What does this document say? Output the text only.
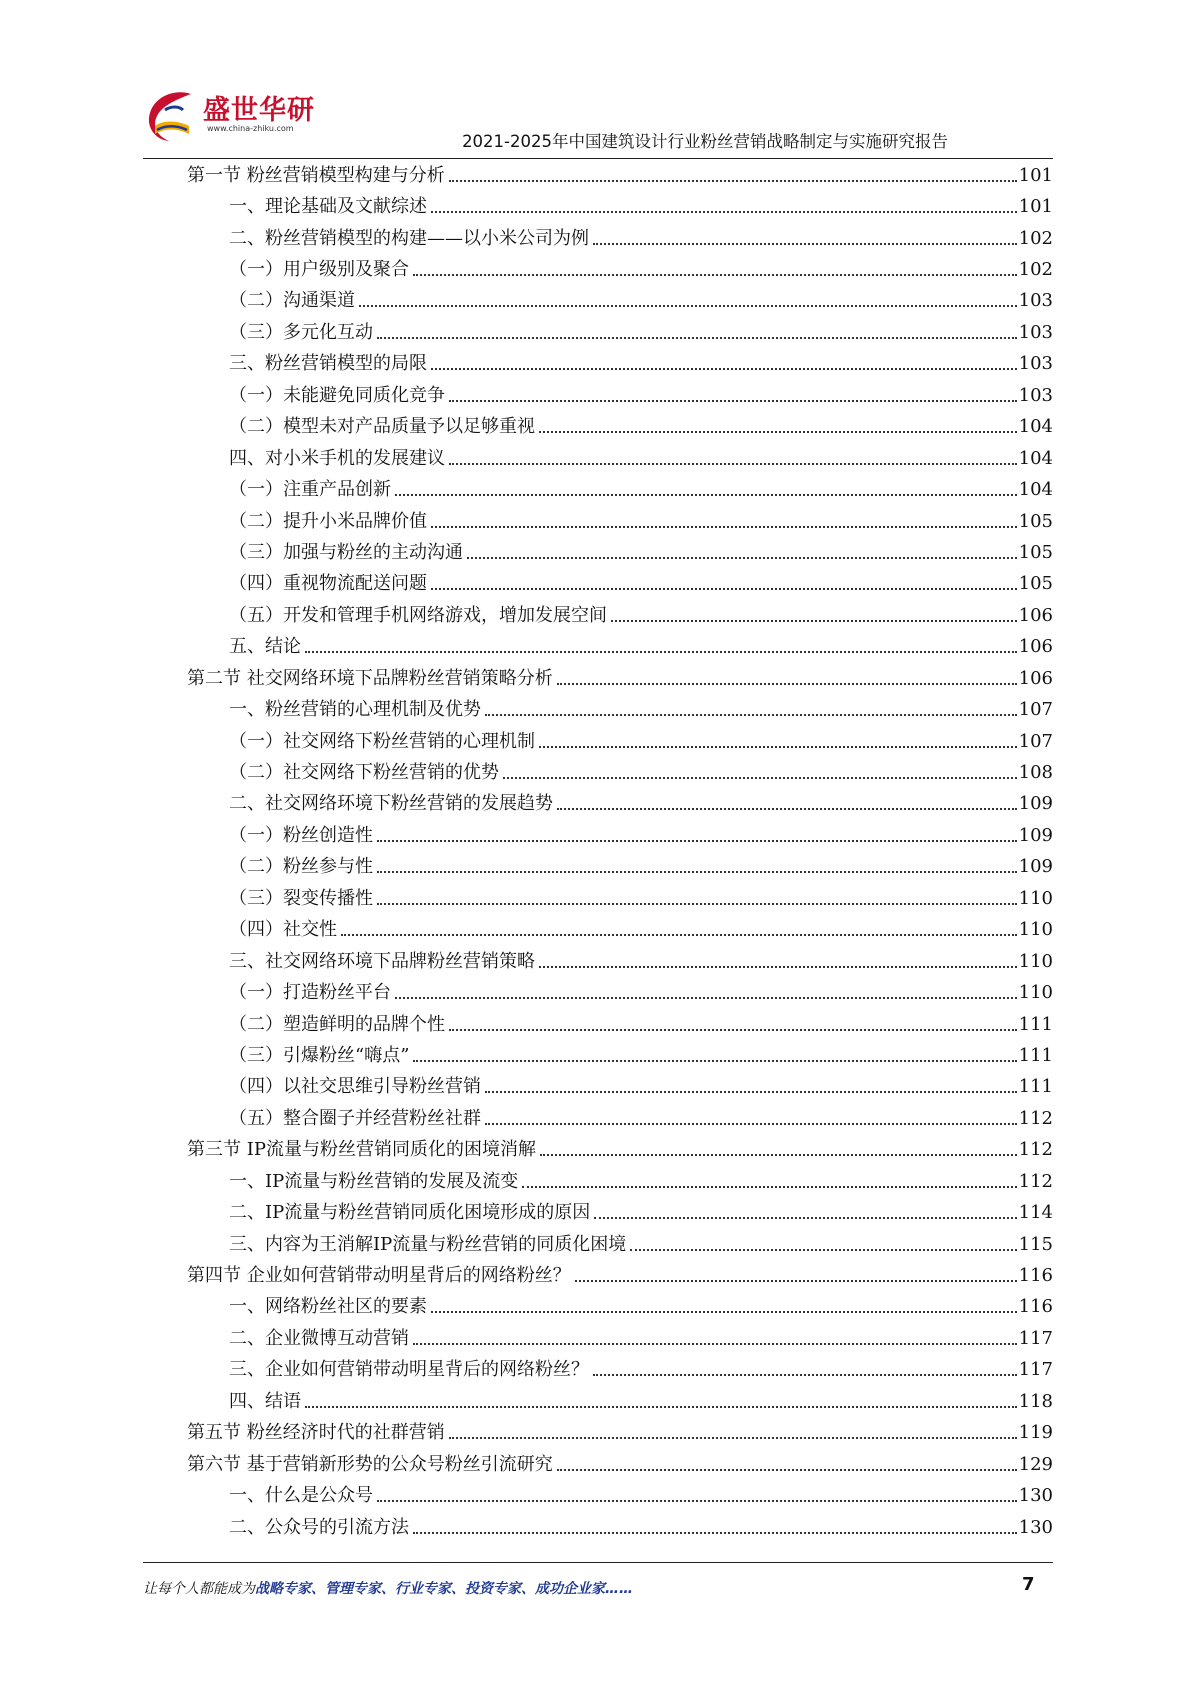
盛世华研
www.china-zhiku.com
2021-2025年中国建筑设计行业粉丝营销战略制定与实施研究报告
第一节 粉丝营销模型构建与分析	101
一、理论基础及文献综述	101
二、粉丝营销模型的构建——以小米公司为例	102
（一）用户级别及聚合	102
（二）沟通渠道	103
（三）多元化互动	103
三、粉丝营销模型的局限	103
（一）未能避免同质化竞争	103
（二）模型未对产品质量予以足够重视	104
四、对小米手机的发展建议	104
（一）注重产品创新	104
（二）提升小米品牌价值	105
（三）加强与粉丝的主动沟通	105
（四）重视物流配送问题	105
（五）开发和管理手机网络游戏，增加发展空间	106
五、结论	106
第二节 社交网络环境下品牌粉丝营销策略分析	106
一、粉丝营销的心理机制及优势	107
（一）社交网络下粉丝营销的心理机制	107
（二）社交网络下粉丝营销的优势	108
二、社交网络环境下粉丝营销的发展趋势	109
（一）粉丝创造性	109
（二）粉丝参与性	109
（三）裂变传播性	110
（四）社交性	110
三、社交网络环境下品牌粉丝营销策略	110
（一）打造粉丝平台	110
（二）塑造鲜明的品牌个性	111
（三）引爆粉丝“嗨点”	111
（四）以社交思维引导粉丝营销	111
（五）整合圈子并经营粉丝社群	112
第三节 IP流量与粉丝营销同质化的困境消解	112
一、IP流量与粉丝营销的发展及流变	112
二、IP流量与粉丝营销同质化困境形成的原因	114
三、内容为王消解IP流量与粉丝营销的同质化困境	115
第四节 企业如何营销带动明星背后的网络粉丝？	116
一、网络粉丝社区的要素	116
二、企业微博互动营销	117
三、企业如何营销带动明星背后的网络粉丝？	117
四、结语	118
第五节 粉丝经济时代的社群营销	119
第六节 基于营销新形势的公众号粉丝引流研究	129
一、什么是公众号	130
二、公众号的引流方法	130
让每个人都能成为战略专家、管理专家、行业专家、投资专家、成功企业家……	7
